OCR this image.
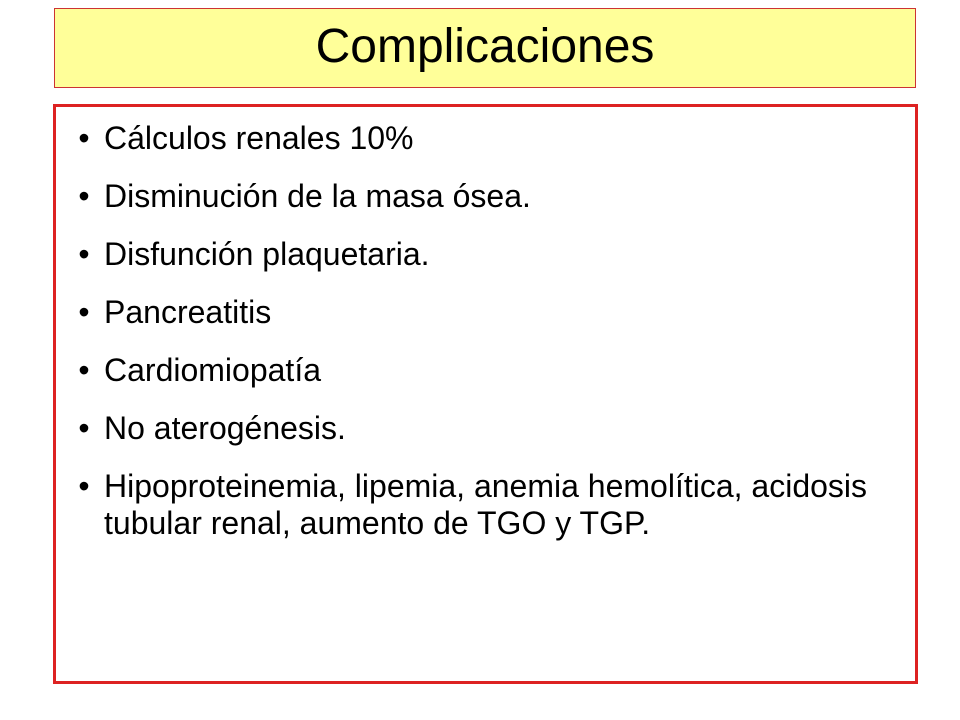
Complicaciones
• Cálculos renales 10%
• Disminución de la masa ósea.
• Disfunción plaquetaria.
• Pancreatitis
• Cardiomiopatía
• No aterogénesis.
• Hipoproteinemia, lipemia, anemia hemolítica, acidosis tubular renal, aumento de TGO y TGP.
